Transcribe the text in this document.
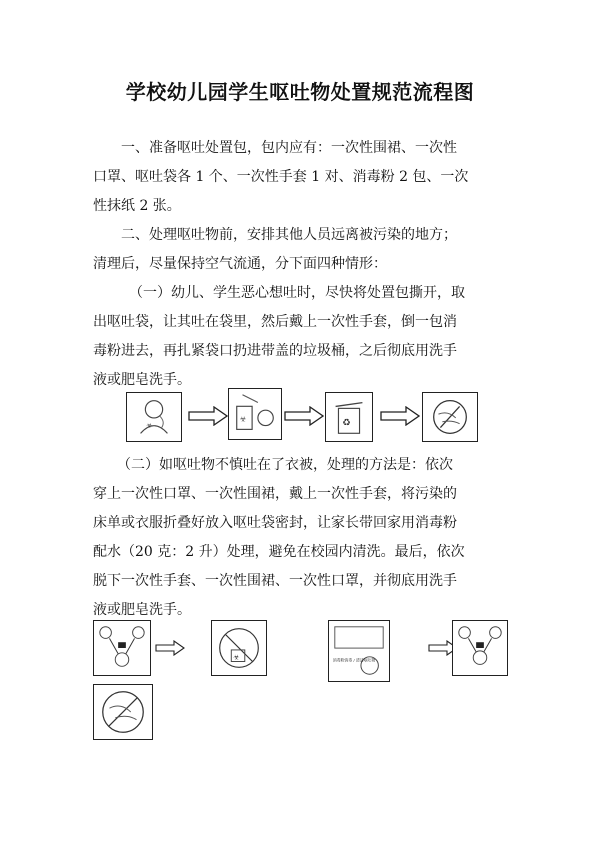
学校幼儿园学生呕吐物处置规范流程图
一、准备呕吐处置包，包内应有：一次性围裙、一次性
口罩、呕吐袋各 1 个、一次性手套 1 对、消毒粉 2 包、一次
性抹纸 2 张。
二、处理呕吐物前，安排其他人员远离被污染的地方；
清理后，尽量保持空气流通，分下面四种情形：
（一）幼儿、学生恶心想吐时，尽快将处置包撕开，取
出呕吐袋，让其吐在袋里，然后戴上一次性手套，倒一包消
毒粉进去，再扎紧袋口扔进带盖的垃圾桶，之后彻底用洗手
液或肥皂洗手。
☣
☣	♻
（二）如呕吐物不慎吐在了衣被，处理的方法是：依次
穿上一次性口罩、一次性围裙，戴上一次性手套，将污染的
床单或衣服折叠好放入呕吐袋密封，让家长带回家用消毒粉
配水（20 克：2 升）处理，避免在校园内清洗。最后，依次
脱下一次性手套、一次性围裙、一次性口罩，并彻底用洗手
液或肥皂洗手。
☣	消毒粉消毒 / 清洁呕吐物
